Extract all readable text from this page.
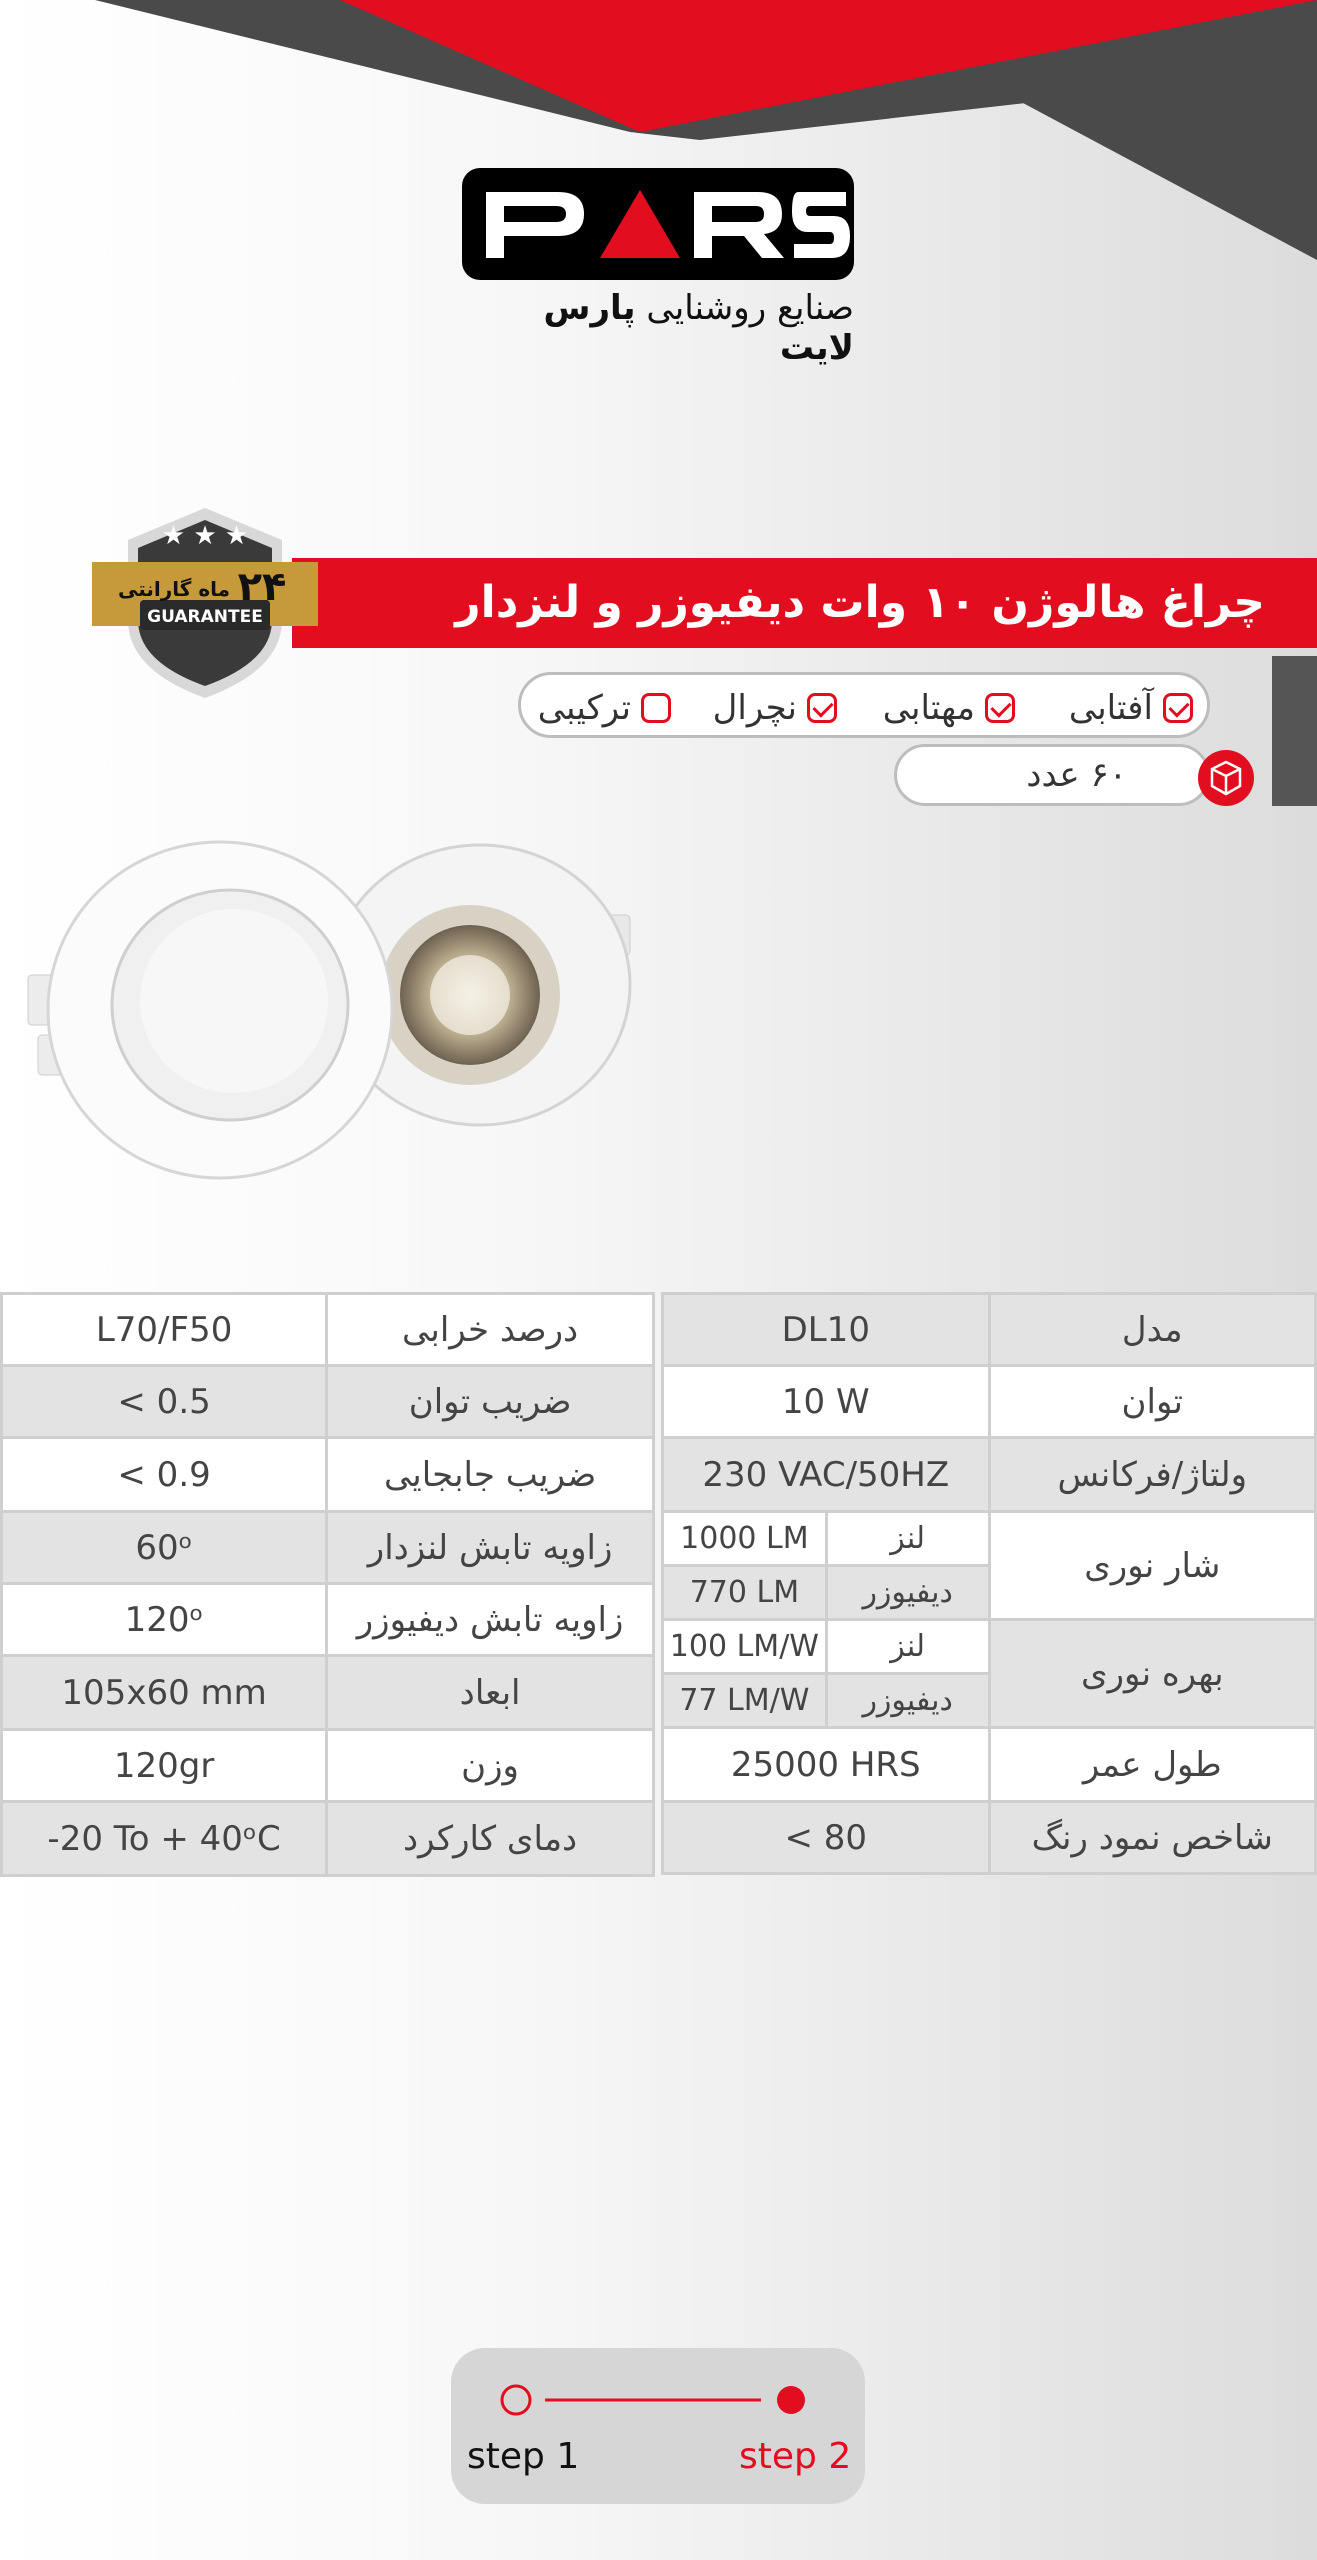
صنایع روشنایی پارس لایت
چراغ هالوژن ۱۰ وات دیفیوزر و لنزدار
★ ★ ★
۲۴
ماه گارانتی
GUARANTEE
آفتابی
مهتابی
نچرال
ترکیبی
۶۰ عدد
L70/F50	درصد خرابی
< 0.5	ضریب توان
< 0.9	ضریب جابجایی
60ᵒ	زاویه تابش لنزدار
120ᵒ	زاویه تابش دیفیوزر
105x60 mm	ابعاد
120gr	وزن
-20 To + 40ᵒC	دمای کارکرد
DL10		مدل
10 W		توان
230 VAC/50HZ		ولتاژ/فرکانس
1000 LM	لنز	شار نوری
770 LM	دیفیوزر	
100 LM/W	لنز	بهره نوری
77 LM/W	دیفیوزر	
25000 HRS		طول عمر
< 80		شاخص نمود رنگ
step 1	step 2
